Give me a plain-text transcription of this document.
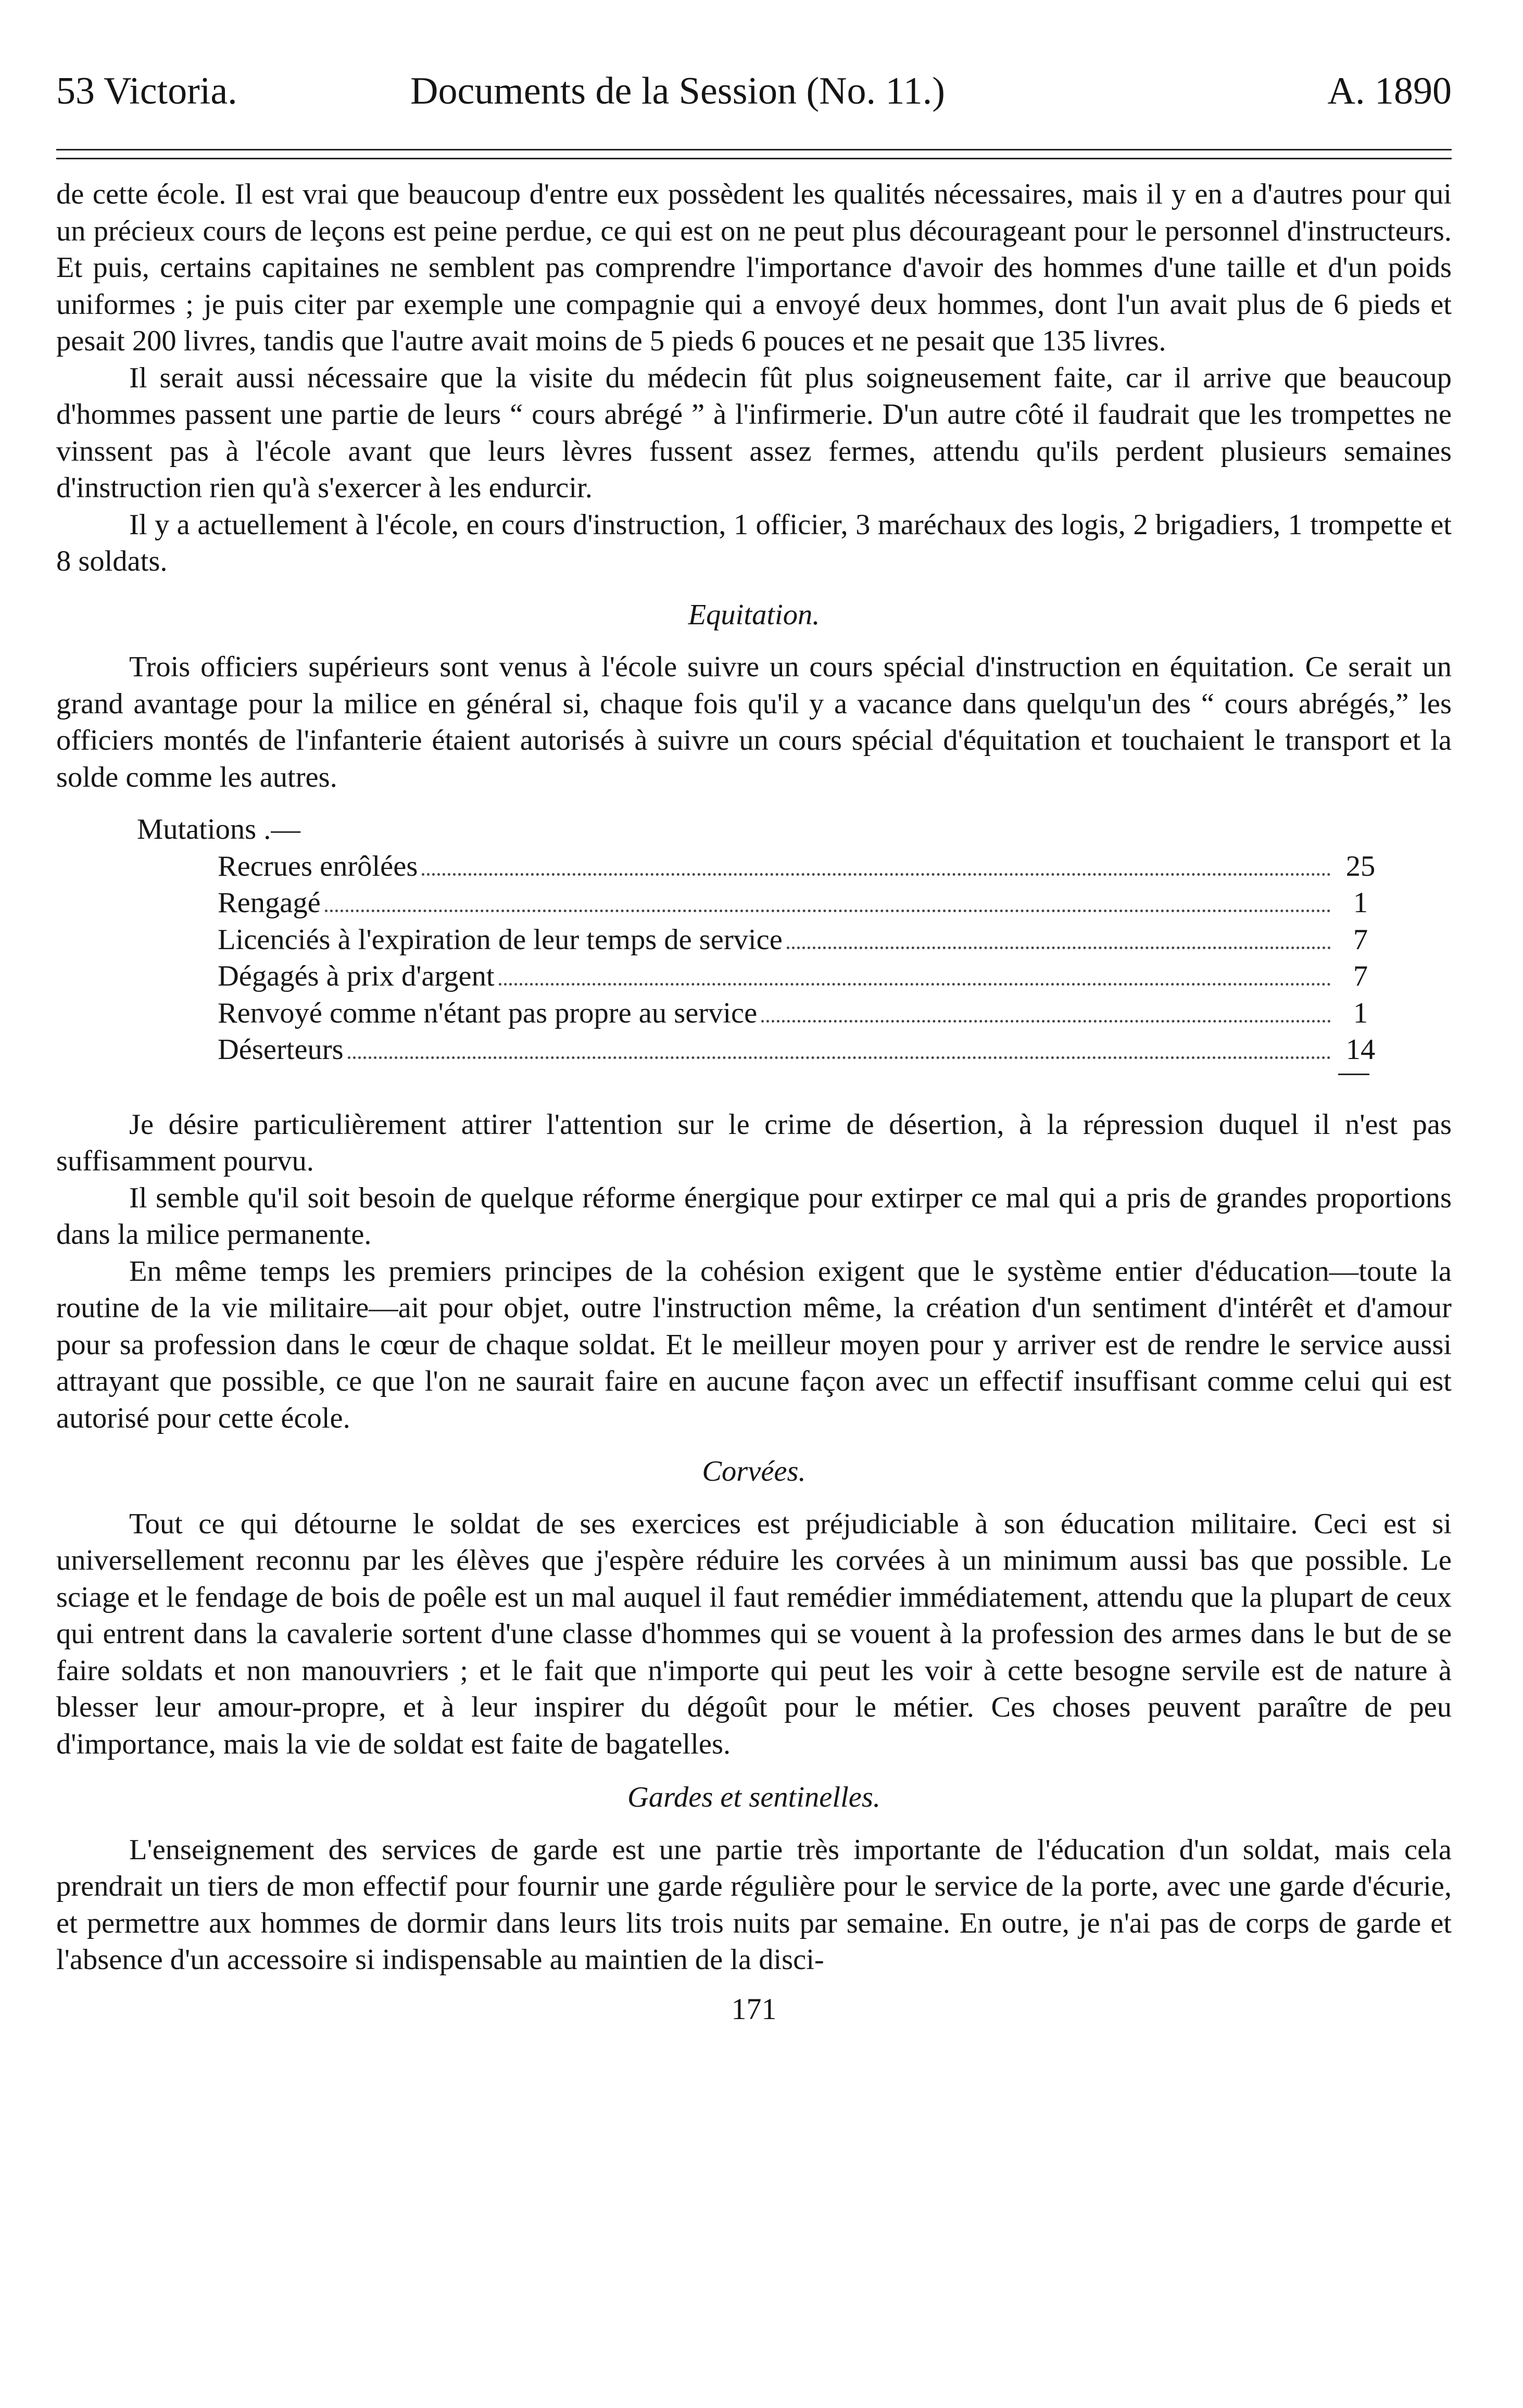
53 Victoria.	Documents de la Session (No. 11.)	A. 1890

de cette école. Il est vrai que beaucoup d'entre eux possèdent les qualités nécessaires, mais il y en a d'autres pour qui un précieux cours de leçons est peine perdue, ce qui est on ne peut plus décourageant pour le personnel d'instructeurs. Et puis, certains capitaines ne semblent pas comprendre l'importance d'avoir des hommes d'une taille et d'un poids uniformes ; je puis citer par exemple une compagnie qui a envoyé deux hommes, dont l'un avait plus de 6 pieds et pesait 200 livres, tandis que l'autre avait moins de 5 pieds 6 pouces et ne pesait que 135 livres.

Il serait aussi nécessaire que la visite du médecin fût plus soigneusement faite, car il arrive que beaucoup d'hommes passent une partie de leurs “ cours abrégé ” à l'infirmerie. D'un autre côté il faudrait que les trompettes ne vinssent pas à l'école avant que leurs lèvres fussent assez fermes, attendu qu'ils perdent plusieurs semaines d'instruction rien qu'à s'exercer à les endurcir.

Il y a actuellement à l'école, en cours d'instruction, 1 officier, 3 maréchaux des logis, 2 brigadiers, 1 trompette et 8 soldats.

Equitation.

Trois officiers supérieurs sont venus à l'école suivre un cours spécial d'instruction en équitation. Ce serait un grand avantage pour la milice en général si, chaque fois qu'il y a vacance dans quelqu'un des “ cours abrégés,” les officiers montés de l'infanterie étaient autorisés à suivre un cours spécial d'équitation et touchaient le transport et la solde comme les autres.

Mutations .—
Recrues enrôlées	25
Rengagé	1
Licenciés à l'expiration de leur temps de service	7
Dégagés à prix d'argent	7
Renvoyé comme n'étant pas propre au service	1
Déserteurs	14

Je désire particulièrement attirer l'attention sur le crime de désertion, à la répression duquel il n'est pas suffisamment pourvu.

Il semble qu'il soit besoin de quelque réforme énergique pour extirper ce mal qui a pris de grandes proportions dans la milice permanente.

En même temps les premiers principes de la cohésion exigent que le système entier d'éducation—toute la routine de la vie militaire—ait pour objet, outre l'instruction même, la création d'un sentiment d'intérêt et d'amour pour sa profession dans le cœur de chaque soldat. Et le meilleur moyen pour y arriver est de rendre le service aussi attrayant que possible, ce que l'on ne saurait faire en aucune façon avec un effectif insuffisant comme celui qui est autorisé pour cette école.

Corvées.

Tout ce qui détourne le soldat de ses exercices est préjudiciable à son éducation militaire. Ceci est si universellement reconnu par les élèves que j'espère réduire les corvées à un minimum aussi bas que possible. Le sciage et le fendage de bois de poêle est un mal auquel il faut remédier immédiatement, attendu que la plupart de ceux qui entrent dans la cavalerie sortent d'une classe d'hommes qui se vouent à la profession des armes dans le but de se faire soldats et non manouvriers ; et le fait que n'importe qui peut les voir à cette besogne servile est de nature à blesser leur amour-propre, et à leur inspirer du dégoût pour le métier. Ces choses peuvent paraître de peu d'importance, mais la vie de soldat est faite de bagatelles.

Gardes et sentinelles.

L'enseignement des services de garde est une partie très importante de l'éducation d'un soldat, mais cela prendrait un tiers de mon effectif pour fournir une garde régulière pour le service de la porte, avec une garde d'écurie, et permettre aux hommes de dormir dans leurs lits trois nuits par semaine. En outre, je n'ai pas de corps de garde et l'absence d'un accessoire si indispensable au maintien de la disci-

171
